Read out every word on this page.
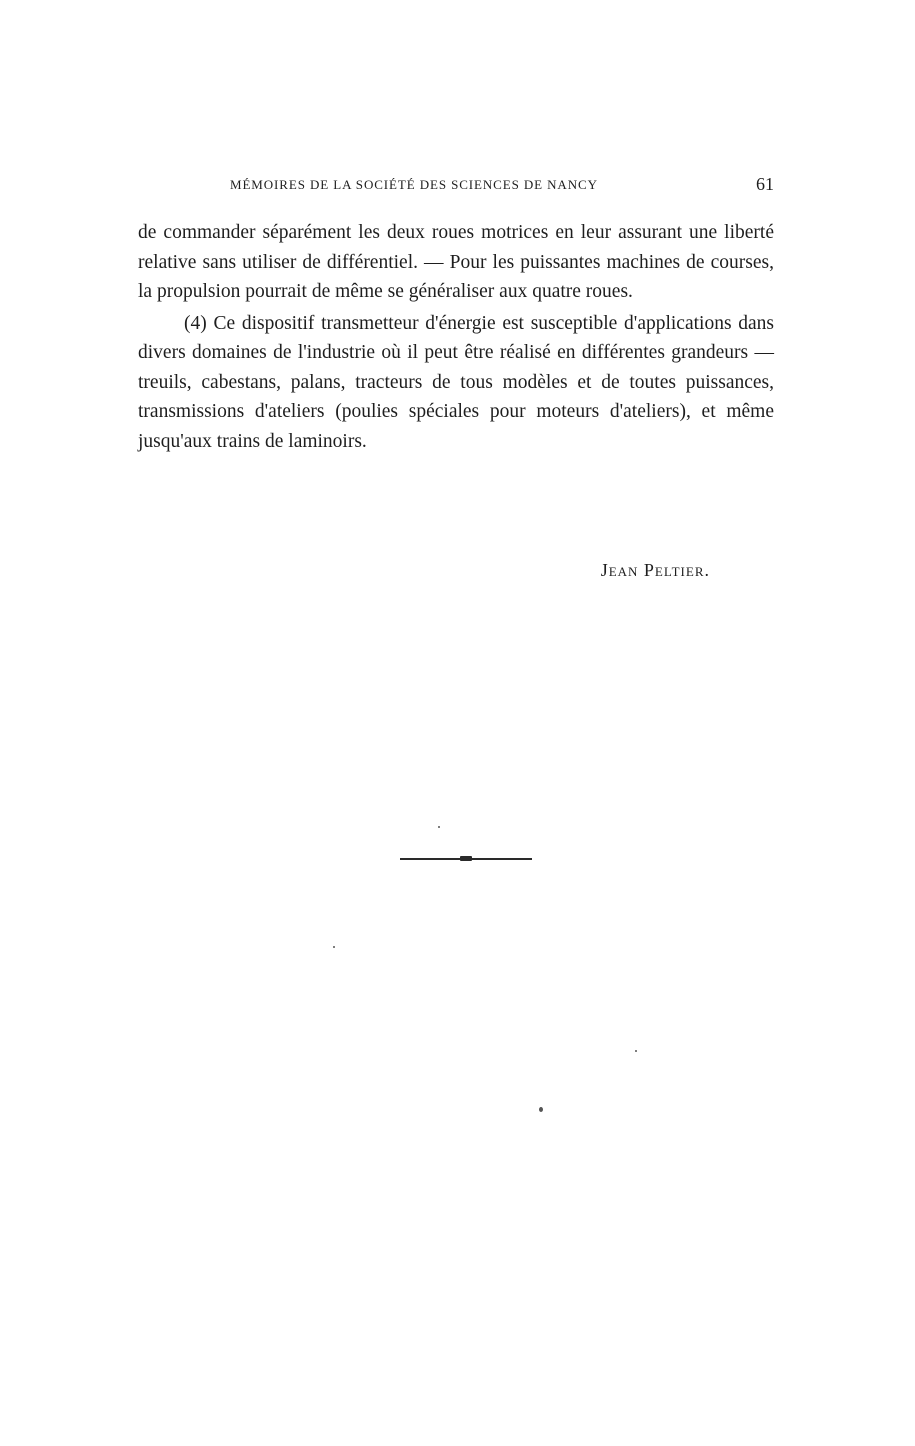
MÉMOIRES DE LA SOCIÉTÉ DES SCIENCES DE NANCY	61

de commander séparément les deux roues motrices en leur assurant une liberté relative sans utiliser de différentiel. — Pour les puissantes machines de courses, la propulsion pourrait de même se généraliser aux quatre roues.

(4) Ce dispositif transmetteur d'énergie est susceptible d'applications dans divers domaines de l'industrie où il peut être réalisé en différentes grandeurs — treuils, cabestans, palans, tracteurs de tous modèles et de toutes puissances, transmissions d'ateliers (poulies spéciales pour moteurs d'ateliers), et même jusqu'aux trains de laminoirs.

Jean Peltier.
